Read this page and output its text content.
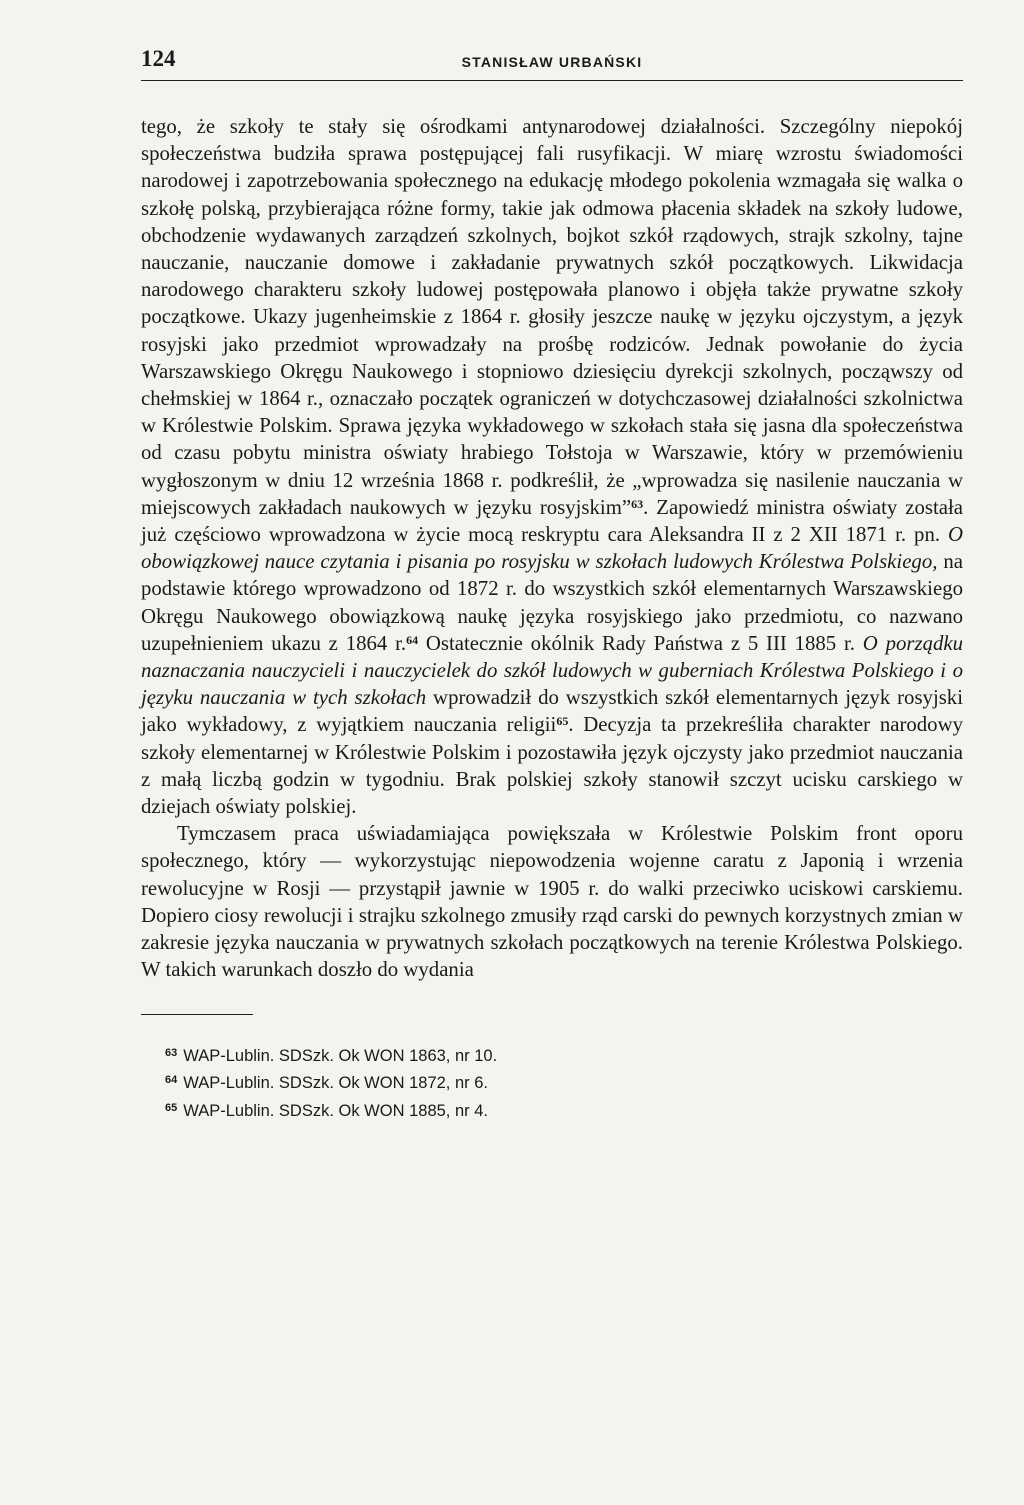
124	STANISŁAW URBAŃSKI

tego, że szkoły te stały się ośrodkami antynarodowej działalności. Szczególny niepokój społeczeństwa budziła sprawa postępującej fali rusyfikacji. W miarę wzrostu świadomości narodowej i zapotrzebowania społecznego na edukację młodego pokolenia wzmagała się walka o szkołę polską, przybierająca różne formy, takie jak odmowa płacenia składek na szkoły ludowe, obchodzenie wydawanych zarządzeń szkolnych, bojkot szkół rządowych, strajk szkolny, tajne nauczanie, nauczanie domowe i zakładanie prywatnych szkół początkowych. Likwidacja narodowego charakteru szkoły ludowej postępowała planowo i objęła także prywatne szkoły początkowe. Ukazy jugenheimskie z 1864 r. głosiły jeszcze naukę w języku ojczystym, a język rosyjski jako przedmiot wprowadzały na prośbę rodziców. Jednak powołanie do życia Warszawskiego Okręgu Naukowego i stopniowo dziesięciu dyrekcji szkolnych, począwszy od chełmskiej w 1864 r., oznaczało początek ograniczeń w dotychczasowej działalności szkolnictwa w Królestwie Polskim. Sprawa języka wykładowego w szkołach stała się jasna dla społeczeństwa od czasu pobytu ministra oświaty hrabiego Tołstoja w Warszawie, który w przemówieniu wygłoszonym w dniu 12 września 1868 r. podkreślił, że „wprowadza się nasilenie nauczania w miejscowych zakładach naukowych w języku rosyjskim”$^{63}$. Zapowiedź ministra oświaty została już częściowo wprowadzona w życie mocą reskryptu cara Aleksandra II z 2 XII 1871 r. pn. O obowiązkowej nauce czytania i pisania po rosyjsku w szkołach ludowych Królestwa Polskiego, na podstawie którego wprowadzono od 1872 r. do wszystkich szkół elementarnych Warszawskiego Okręgu Naukowego obowiązkową naukę języka rosyjskiego jako przedmiotu, co nazwano uzupełnieniem ukazu z 1864 r.$^{64}$ Ostatecznie okólnik Rady Państwa z 5 III 1885 r. O porządku naznaczania nauczycieli i nauczycielek do szkół ludowych w guberniach Królestwa Polskiego i o języku nauczania w tych szkołach wprowadził do wszystkich szkół elementarnych język rosyjski jako wykładowy, z wyjątkiem nauczania religii$^{65}$. Decyzja ta przekreśliła charakter narodowy szkoły elementarnej w Królestwie Polskim i pozostawiła język ojczysty jako przedmiot nauczania z małą liczbą godzin w tygodniu. Brak polskiej szkoły stanowił szczyt ucisku carskiego w dziejach oświaty polskiej.

Tymczasem praca uświadamiająca powiększała w Królestwie Polskim front oporu społecznego, który — wykorzystując niepowodzenia wojenne caratu z Japonią i wrzenia rewolucyjne w Rosji — przystąpił jawnie w 1905 r. do walki przeciwko uciskowi carskiemu. Dopiero ciosy rewolucji i strajku szkolnego zmusiły rząd carski do pewnych korzystnych zmian w zakresie języka nauczania w prywatnych szkołach początkowych na terenie Królestwa Polskiego. W takich warunkach doszło do wydania

$^{63}$ WAP-Lublin. SDSzk. Ok WON 1863, nr 10.
$^{64}$ WAP-Lublin. SDSzk. Ok WON 1872, nr 6.
$^{65}$ WAP-Lublin. SDSzk. Ok WON 1885, nr 4.
